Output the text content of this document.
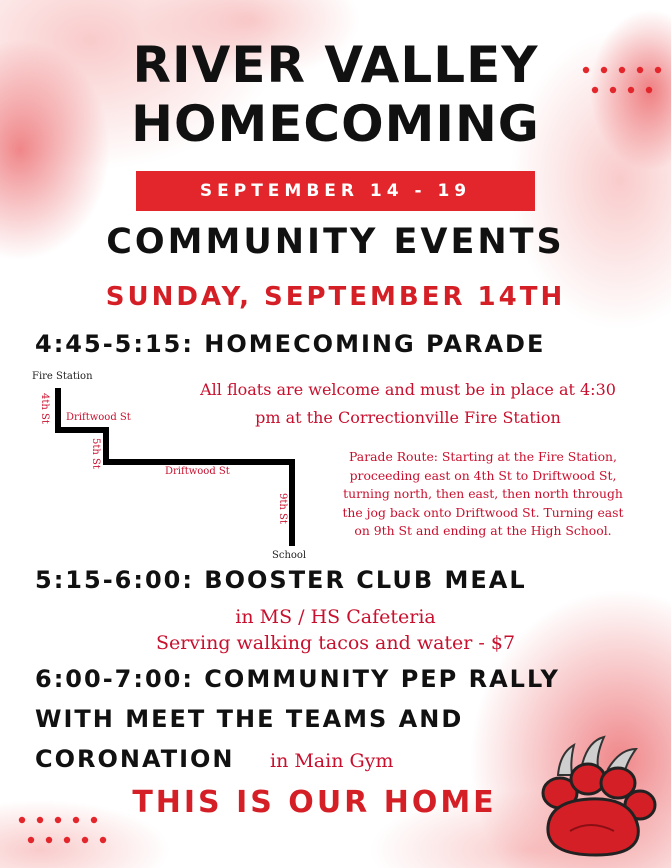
RIVER VALLEY
HOMECOMING
SEPTEMBER 14 - 19
COMMUNITY EVENTS
SUNDAY, SEPTEMBER 14TH
4:45-5:15: HOMECOMING PARADE
Fire Station
4th St Driftwood St
5th St
Driftwood St
9th St
School
All floats are welcome and must be in place at 4:30
pm at the Correctionville Fire Station
Parade Route: Starting at the Fire Station,
proceeding east on 4th St to Driftwood St,
turning north, then east, then north through
the jog back onto Driftwood St. Turning east
on 9th St and ending at the High School.
5:15-6:00: BOOSTER CLUB MEAL
in MS / HS Cafeteria
Serving walking tacos and water - $7
6:00-7:00: COMMUNITY PEP RALLY
WITH MEET THE TEAMS AND
CORONATION in Main Gym
THIS IS OUR HOME
